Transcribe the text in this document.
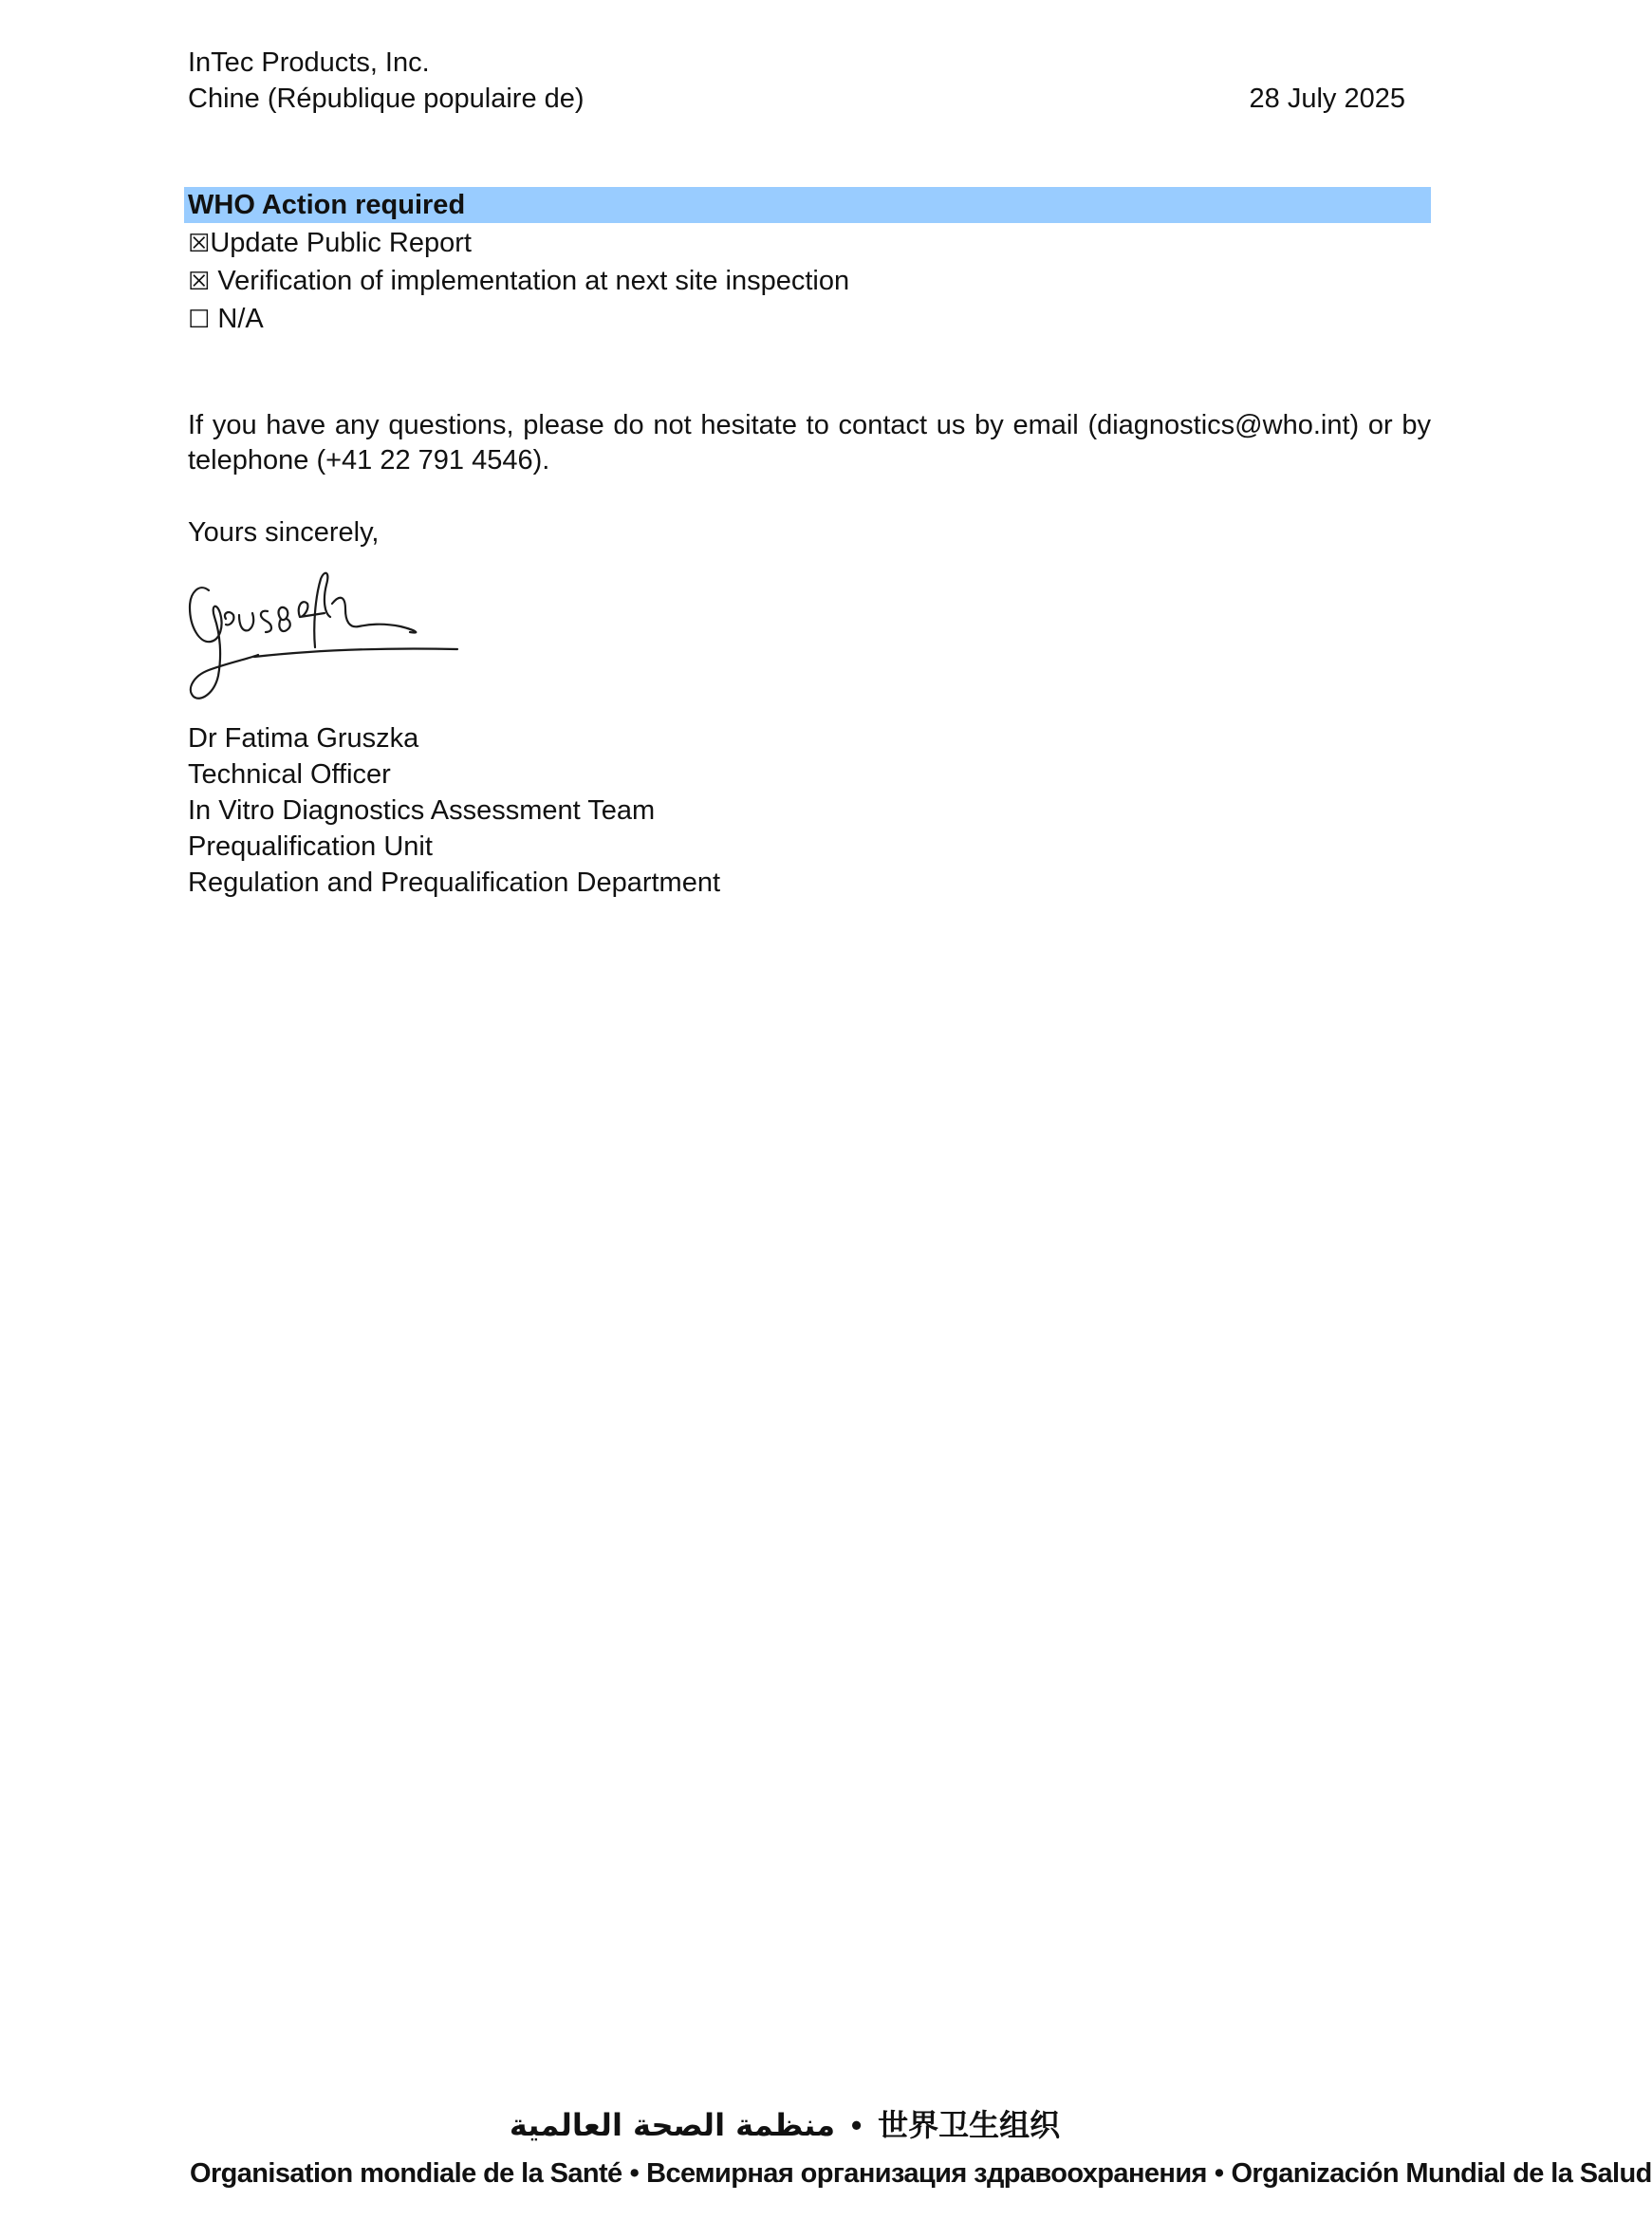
InTec Products, Inc.
Chine (République populaire de)	28 July 2025
WHO Action required
☒Update Public Report
☒ Verification of implementation at next site inspection
☐ N/A
If you have any questions, please do not hesitate to contact us by email (diagnostics@who.int) or by
telephone (+41 22 791 4546).
Yours sincerely,
Dr Fatima Gruszka
Technical Officer
In Vitro Diagnostics Assessment Team
Prequalification Unit
Regulation and Prequalification Department
منظمة الصحة العالمية • 世界卫生组织
Organisation mondiale de la Santé • Всемирная организация здравоохранения • Organización Mundial de la Salud
